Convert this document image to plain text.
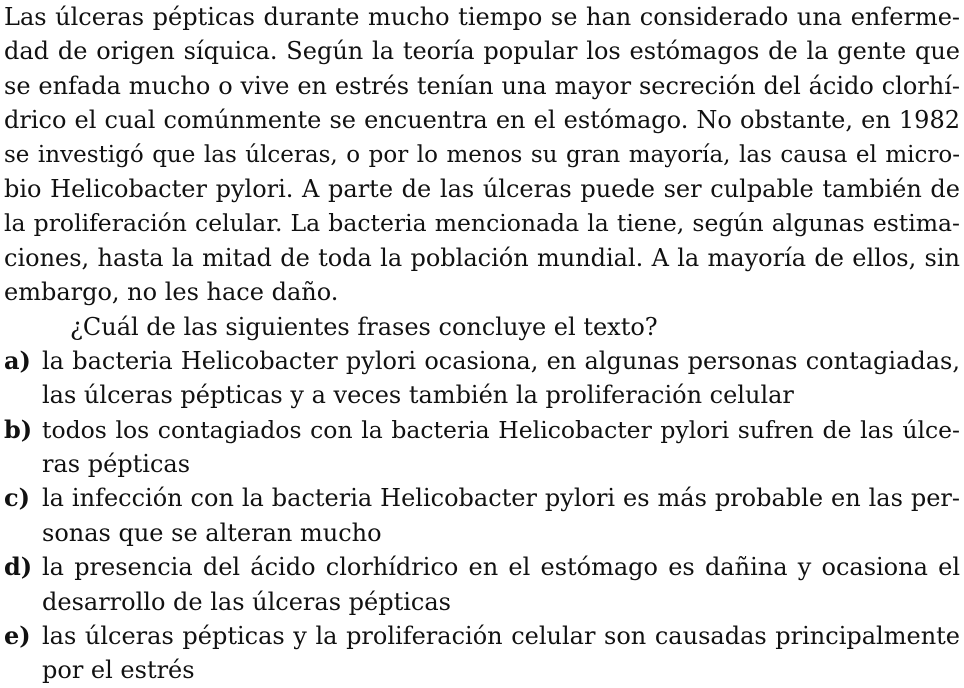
Las úlceras pépticas durante mucho tiempo se han considerado una enferme-
dad de origen síquica. Según la teoría popular los estómagos de la gente que
se enfada mucho o vive en estrés tenían una mayor secreción del ácido clorhí-
drico el cual comúnmente se encuentra en el estómago. No obstante, en 1982
se investigó que las úlceras, o por lo menos su gran mayoría, las causa el micro-
bio Helicobacter pylori. A parte de las úlceras puede ser culpable también de
la proliferación celular. La bacteria mencionada la tiene, según algunas estima-
ciones, hasta la mitad de toda la población mundial. A la mayoría de ellos, sin
embargo, no les hace daño.
¿Cuál de las siguientes frases concluye el texto?
a) la bacteria Helicobacter pylori ocasiona, en algunas personas contagiadas,
las úlceras pépticas y a veces también la proliferación celular
b) todos los contagiados con la bacteria Helicobacter pylori sufren de las úlce-
ras pépticas
c) la infección con la bacteria Helicobacter pylori es más probable en las per-
sonas que se alteran mucho
d) la presencia del ácido clorhídrico en el estómago es dañina y ocasiona el
desarrollo de las úlceras pépticas
e) las úlceras pépticas y la proliferación celular son causadas principalmente
por el estrés
